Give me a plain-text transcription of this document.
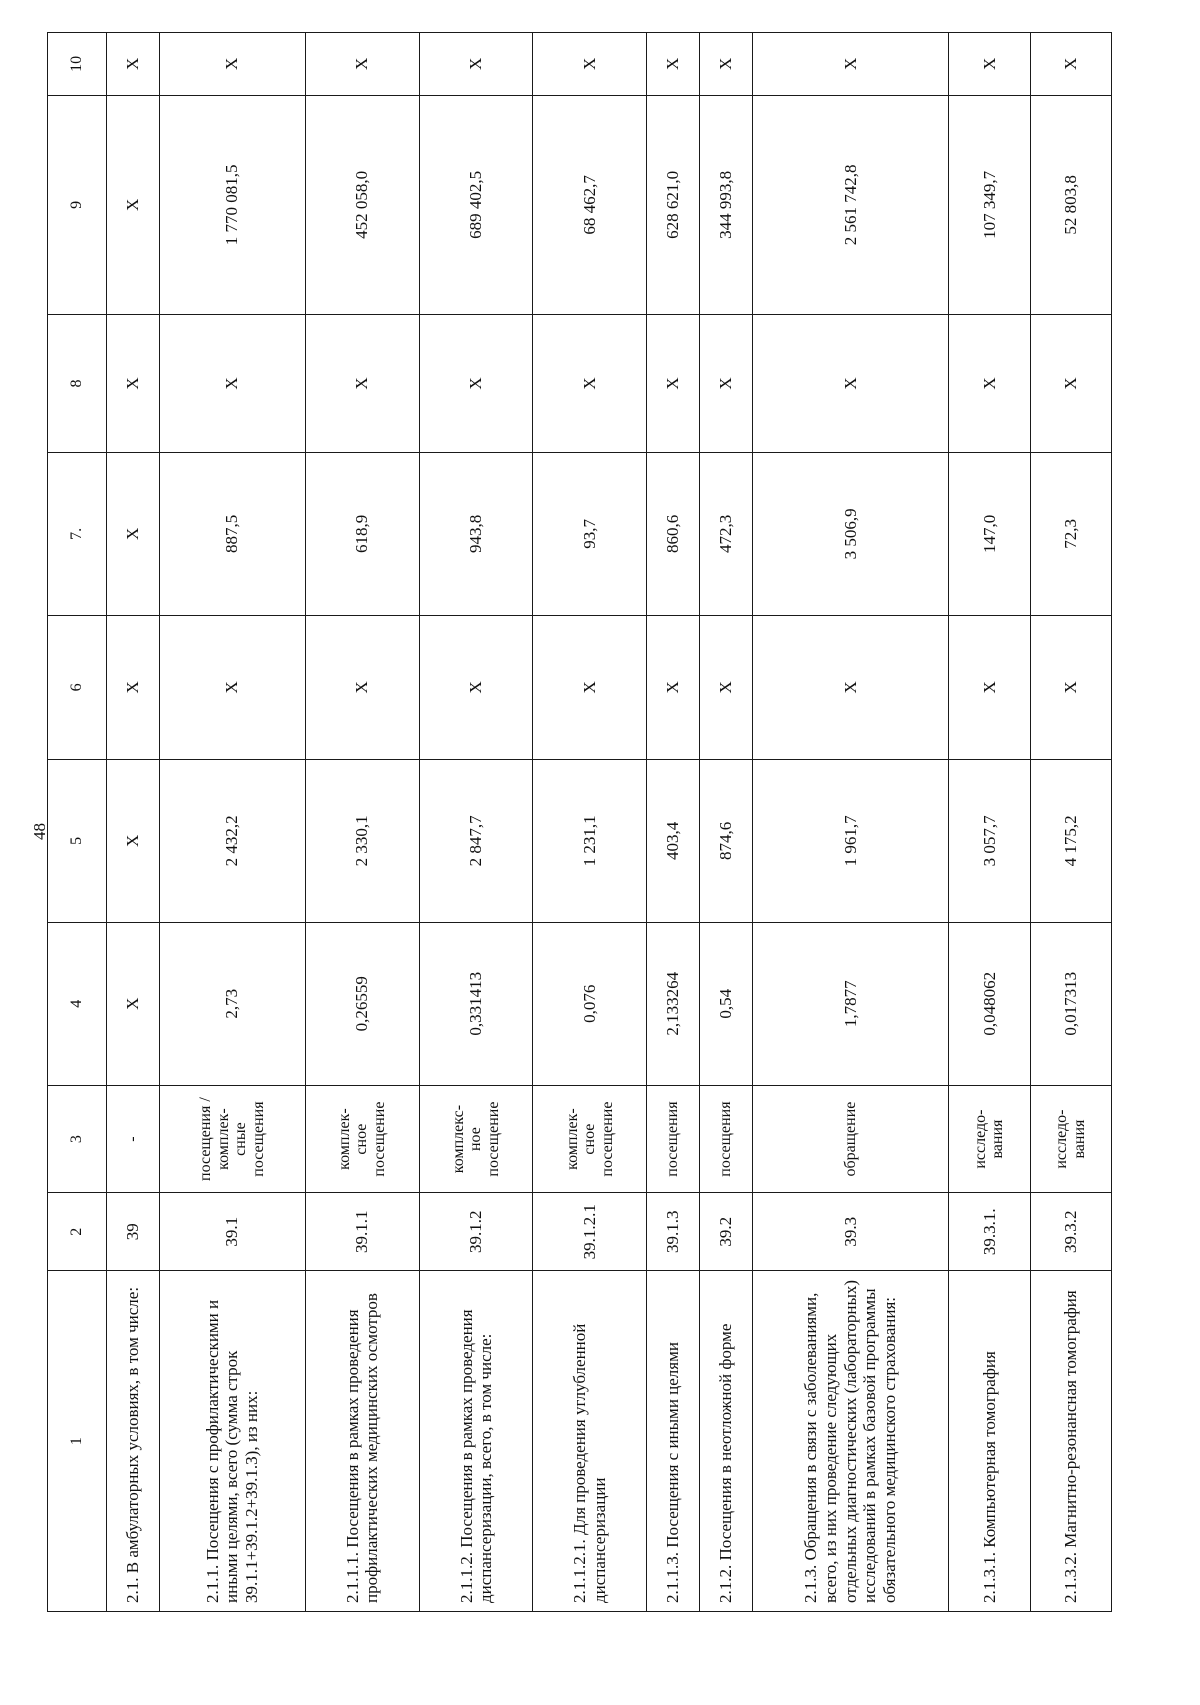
48
1	2	3	4	5	6	7.	8	9	10
2.1. В амбулаторных условиях, в том числе:	39	-	Х	Х	Х	Х	Х	Х	Х
2.1.1. Посещения с профилактическими и иными целями, всего (сумма строк 39.1.1+39.1.2+39.1.3), из них:	39.1	посещения /комплек-сные посещения	2,73	2 432,2	Х	887,5	Х	1 770 081,5	Х
2.1.1.1. Посещения в рамках проведения профилактических медицинских осмотров	39.1.1	комплек-сное посещение	0,26559	2 330,1	Х	618,9	Х	452 058,0	Х
2.1.1.2. Посещения в рамках проведения диспансеризации, всего, в том числе:	39.1.2	комплекс-ное посещение	0,331413	2 847,7	Х	943,8	Х	689 402,5	Х
2.1.1.2.1. Для проведения углубленной диспансеризации	39.1.2.1	комплек-сное посещение	0,076	1 231,1	Х	93,7	Х	68 462,7	Х
2.1.1.3. Посещения с иными целями	39.1.3	посещения	2,133264	403,4	Х	860,6	Х	628 621,0	Х
2.1.2. Посещения в неотложной форме	39.2	посещения	0,54	874,6	Х	472,3	Х	344 993,8	Х
2.1.3. Обращения в связи с заболеваниями, всего, из них проведение следующих отдельных диагностических (лабораторных) исследований в рамках базовой программы обязательного медицинского страхования:	39.3	обращение	1,7877	1 961,7	Х	3 506,9	Х	2 561 742,8	Х
2.1.3.1. Компьютерная томография	39.3.1.	исследо-вания	0,048062	3 057,7	Х	147,0	Х	107 349,7	Х
2.1.3.2. Магнитно-резонансная томография	39.3.2	исследо-вания	0,017313	4 175,2	Х	72,3	Х	52 803,8	Х
